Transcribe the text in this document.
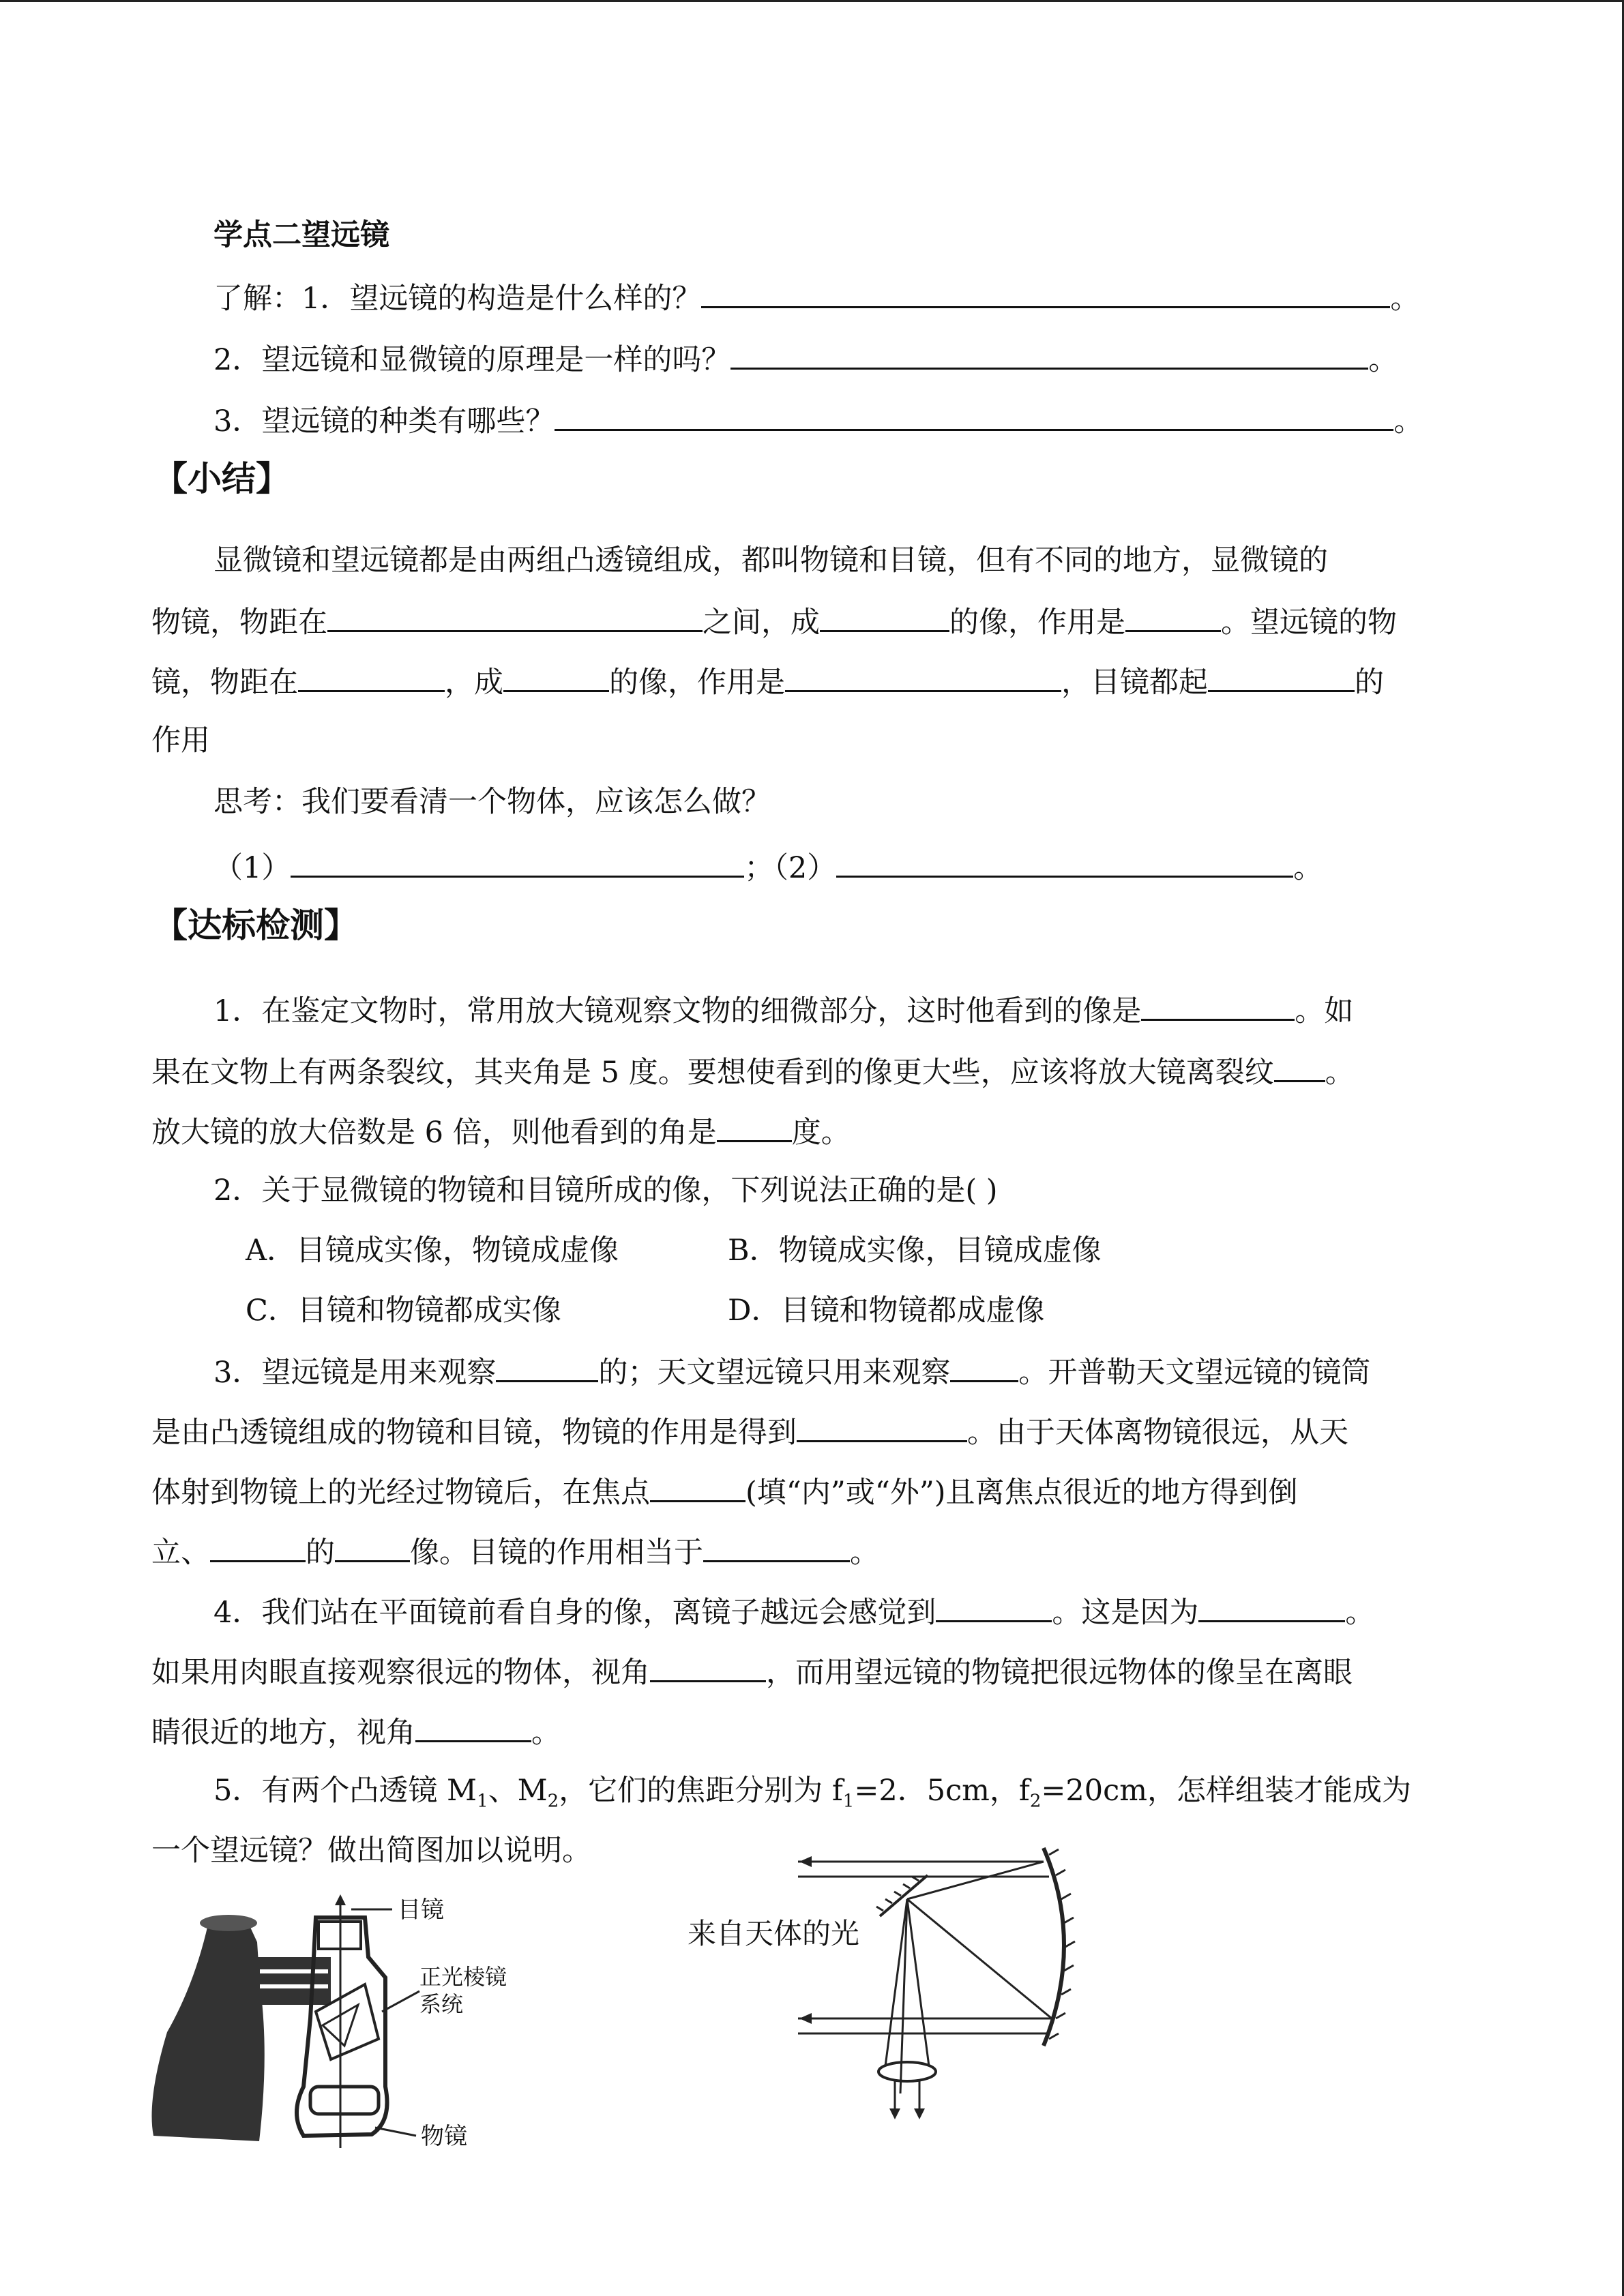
学点二望远镜
了解：1．望远镜的构造是什么样的？	。
2．望远镜和显微镜的原理是一样的吗？	。
3．望远镜的种类有哪些？	。
【小结】
显微镜和望远镜都是由两组凸透镜组成，都叫物镜和目镜，但有不同的地方，显微镜的
物镜，物距在	之间，成	的像，作用是	。望远镜的物
镜，物距在	，成	的像，作用是	，目镜都起	的
作用
思考：我们要看清一个物体，应该怎么做？
（1）	；（2）	。
【达标检测】
1．在鉴定文物时，常用放大镜观察文物的细微部分，这时他看到的像是	。如
果在文物上有两条裂纹，其夹角是 5 度。要想使看到的像更大些，应该将放大镜离裂纹 。
放大镜的放大倍数是 6 倍，则他看到的角是	度。
2．关于显微镜的物镜和目镜所成的像，下列说法正确的是( )
A．目镜成实像，物镜成虚像	B．物镜成实像，目镜成虚像
C．目镜和物镜都成实像	D．目镜和物镜都成虚像
3．望远镜是用来观察	的；天文望远镜只用来观察 。开普勒天文望远镜的镜筒
是由凸透镜组成的物镜和目镜，物镜的作用是得到	。由于天体离物镜很远，从天
体射到物镜上的光经过物镜后，在焦点	(填“内”或“外”)且离焦点很近的地方得到倒
立、	的	像。目镜的作用相当于	。
4．我们站在平面镜前看自身的像，离镜子越远会感觉到	。这是因为	。
如果用肉眼直接观察很远的物体，视角	，而用望远镜的物镜把很远物体的像呈在离眼
睛很近的地方，视角	。
5．有两个凸透镜 $M_1$、$M_2$，它们的焦距分别为 $f_1=2$．5cm，$f_2=20cm$，怎样组装才能成为
一个望远镜？做出简图加以说明。
目镜
正光棱镜
系统
物镜
来自天体的光
